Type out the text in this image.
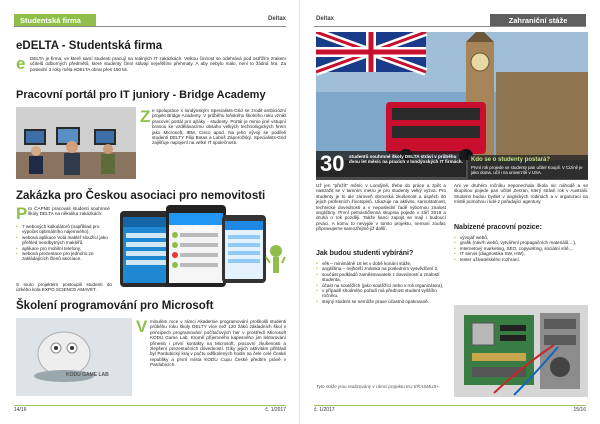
Studentská firma	Deltax
eDELTA - Studentská firma
e DELTA je firma, ve které samí studenti pracují na reálných IT zakázkách. Velkou činnost se odehrává pod ostřížím zrakem učitelů odborných předmětů, které studenty činní stávají největšími přehmaty. A aby nebylo málo, není to žádná hra. Za poslední 3 roky měla eDELTA obrat přes 150 tis.
Pracovní portál pro IT juniory - Bridge Academy
Z e spolupráce s londýnským Specialists-Grid se zrodil ambiciózní projekt Bridge Academy. V průběhu loňského školního roku vznikl pracovní portál pro ajťáky - studenty. Portál je mimo jiné vstupní branou ke vzdělávacímu obsahu velkých technologických firem jako Microsoft, IBM, Cisco apod. Na jeho vývoji se podíleli studenti DELTY Filip Botas a Luboš Záporožský. Specialists-Grid zajišťuje napojení na velké IT společnosti.
Zakázka pro Českou asociaci pro nemovitosti
P ro ČAPNE pracovali studenti souhrnné školy DELTA na několika zakázkách:
• 7 webových kalkulátorů (například pro výpočet optimálního nájemného),
• webová aplikace Volá makléř sloužící jako přehled neodbytných makléřů,
• aplikace pro mobilní telefony,
• webová prezentace pro jednoho ze zakládajících členů asociace.
S touto projektem postoupili studenti do úzkého kola EXPO SCIENCE AMAVET.
Jan Novák
Školení programování pro Microsoft
KODU GAME LAB
V minulém roce v rámci Akademie programování proškolili studenti průběhu roku školy DELTY více než 120 žáků základních škol v principech programování počítačových her v prostředí Microsoft KODU Game Lab. Kromě příjemného kapesného jim lektorování přineslo i první kontakty na Microsoft, pracovní zkušenosti a zlepšení prezentačních dovedností. Díky jejich aktivitám přihlásil byl Pardubický kraj v počtu odškolených hodin na čele celé České republiky a první místa KODU Cupu České předtím právě v Pardubicích.
14/16	č. 1/2017
Zahraniční stáže
Deltax
30 studentů souhrnné školy DELTA stráví v průběhu dvou let měsíc na praxích v londýnských IT firmách. Kdo se o studenty postará?
První rok projede se studenty pan učitel Koupil. V Cizině je jako doma, učil i na univerzitě v USA.
Už jen "přežít" měsíc v Londýně, třeba do práce a zpět a nastražit se v tamním metru je pro studenty velký výzva. Pro studenty je to ale zároveň obrovská zkušenost a úspěch do jejich profesních životopisů. Ukazuje na aktivitu, samostatnost, technické dovednosti a v neposlední řadě výbornou znalost angličtiny. První petnáctičlenná skupina pojede v září 2018 a druhá o rok později. Takže šanci zapojit se mají i budoucí prváci. A komu to nevyjde v tomto projektu, nemusí zoufat, připravujeme samozřejmě již další.
Jak budou studenti vybíráni?
• věk – minimálně 16 let v době konání stáže,
• angličtina – nejhorší známka na posledním vysvědčení 2,
• součást podkladů zaměstnavatele z dovedností a znalostí studenta,
• účast na soutěžích (jako soutěžící nebo v roli organizátora),
• v případě shodného pořadí má přednost student vyššího ročníku,
• stejný student se nemůže praxe účastnit opakovaně.
Tyto stáže jsou realizovány v rámci projektu EU ERASMUS+.
Ani ve druhém ročníku neponechala škola nic náhodě a se skupinou pojede pan učitel Zerzán, který strávil rok v Austrálii. Studenti budou bydlet v anglických rodinách a v organizaci na místě pomohou i lidé z pořadající agentury.
Nabízené pracovní pozice:
• vývojář webů,
• grafik (návrh webů, vytváření propagačních materiálů,...),
• internetový marketing, SEO, copywriting, sociální sítě,...
• IT servis (diagnostika SW, HW),
• tester uživatelského rozhraní.
č. 1/2017	15/16
